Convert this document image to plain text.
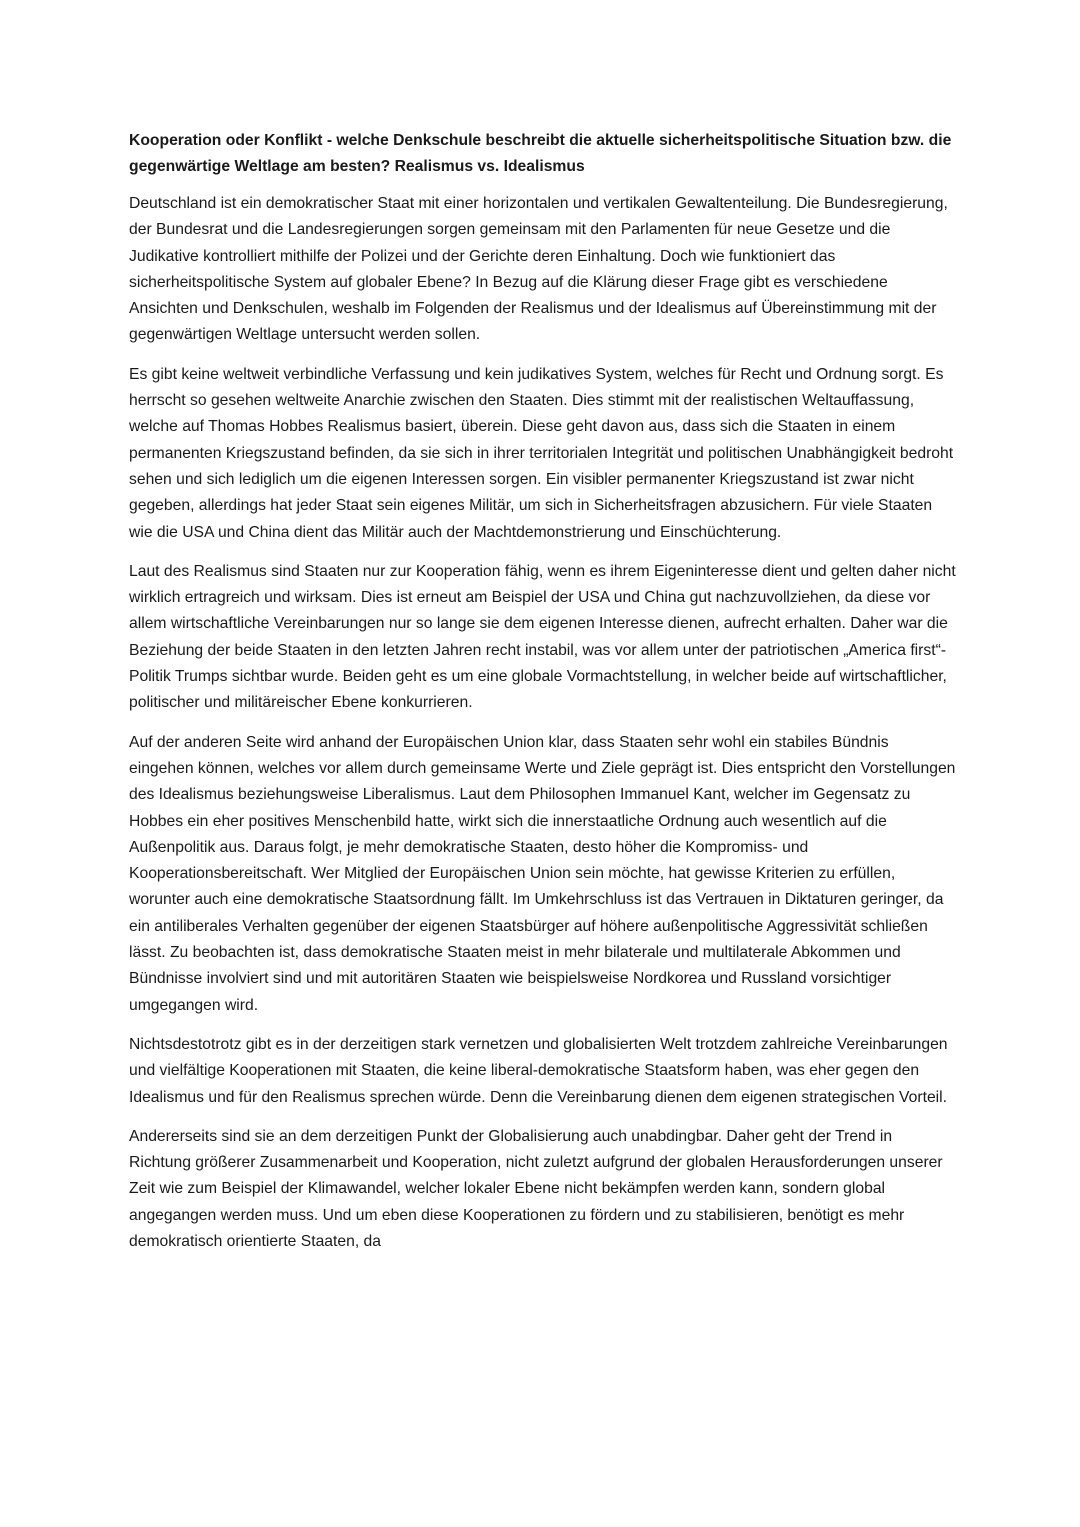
Kooperation oder Konflikt - welche Denkschule beschreibt die aktuelle sicherheitspolitische Situation bzw. die gegenwärtige Weltlage am besten? Realismus vs. Idealismus

Deutschland ist ein demokratischer Staat mit einer horizontalen und vertikalen Gewaltenteilung. Die Bundesregierung, der Bundesrat und die Landesregierungen sorgen gemeinsam mit den Parlamenten für neue Gesetze und die Judikative kontrolliert mithilfe der Polizei und der Gerichte deren Einhaltung. Doch wie funktioniert das sicherheitspolitische System auf globaler Ebene? In Bezug auf die Klärung dieser Frage gibt es verschiedene Ansichten und Denkschulen, weshalb im Folgenden der Realismus und der Idealismus auf Übereinstimmung mit der gegenwärtigen Weltlage untersucht werden sollen.

Es gibt keine weltweit verbindliche Verfassung und kein judikatives System, welches für Recht und Ordnung sorgt. Es herrscht so gesehen weltweite Anarchie zwischen den Staaten. Dies stimmt mit der realistischen Weltauffassung, welche auf Thomas Hobbes Realismus basiert, überein. Diese geht davon aus, dass sich die Staaten in einem permanenten Kriegszustand befinden, da sie sich in ihrer territorialen Integrität und politischen Unabhängigkeit bedroht sehen und sich lediglich um die eigenen Interessen sorgen. Ein visibler permanenter Kriegszustand ist zwar nicht gegeben, allerdings hat jeder Staat sein eigenes Militär, um sich in Sicherheitsfragen abzusichern. Für viele Staaten wie die USA und China dient das Militär auch der Machtdemonstrierung und Einschüchterung.

Laut des Realismus sind Staaten nur zur Kooperation fähig, wenn es ihrem Eigeninteresse dient und gelten daher nicht wirklich ertragreich und wirksam. Dies ist erneut am Beispiel der USA und China gut nachzuvollziehen, da diese vor allem wirtschaftliche Vereinbarungen nur so lange sie dem eigenen Interesse dienen, aufrecht erhalten. Daher war die Beziehung der beide Staaten in den letzten Jahren recht instabil, was vor allem unter der patriotischen „America first“-Politik Trumps sichtbar wurde. Beiden geht es um eine globale Vormachtstellung, in welcher beide auf wirtschaftlicher, politischer und militäreischer Ebene konkurrieren.

Auf der anderen Seite wird anhand der Europäischen Union klar, dass Staaten sehr wohl ein stabiles Bündnis eingehen können, welches vor allem durch gemeinsame Werte und Ziele geprägt ist. Dies entspricht den Vorstellungen des Idealismus beziehungsweise Liberalismus. Laut dem Philosophen Immanuel Kant, welcher im Gegensatz zu Hobbes ein eher positives Menschenbild hatte, wirkt sich die innerstaatliche Ordnung auch wesentlich auf die Außenpolitik aus. Daraus folgt, je mehr demokratische Staaten, desto höher die Kompromiss- und Kooperationsbereitschaft. Wer Mitglied der Europäischen Union sein möchte, hat gewisse Kriterien zu erfüllen, worunter auch eine demokratische Staatsordnung fällt. Im Umkehrschluss ist das Vertrauen in Diktaturen geringer, da ein antiliberales Verhalten gegenüber der eigenen Staatsbürger auf höhere außenpolitische Aggressivität schließen lässt. Zu beobachten ist, dass demokratische Staaten meist in mehr bilaterale und multilaterale Abkommen und Bündnisse involviert sind und mit autoritären Staaten wie beispielsweise Nordkorea und Russland vorsichtiger umgegangen wird.

Nichtsdestotrotz gibt es in der derzeitigen stark vernetzen und globalisierten Welt trotzdem zahlreiche Vereinbarungen und vielfältige Kooperationen mit Staaten, die keine liberal-demokratische Staatsform haben, was eher gegen den Idealismus und für den Realismus sprechen würde. Denn die Vereinbarung dienen dem eigenen strategischen Vorteil.

Andererseits sind sie an dem derzeitigen Punkt der Globalisierung auch unabdingbar. Daher geht der Trend in Richtung größerer Zusammenarbeit und Kooperation, nicht zuletzt aufgrund der globalen Herausforderungen unserer Zeit wie zum Beispiel der Klimawandel, welcher lokaler Ebene nicht bekämpfen werden kann, sondern global angegangen werden muss. Und um eben diese Kooperationen zu fördern und zu stabilisieren, benötigt es mehr demokratisch orientierte Staaten, da
